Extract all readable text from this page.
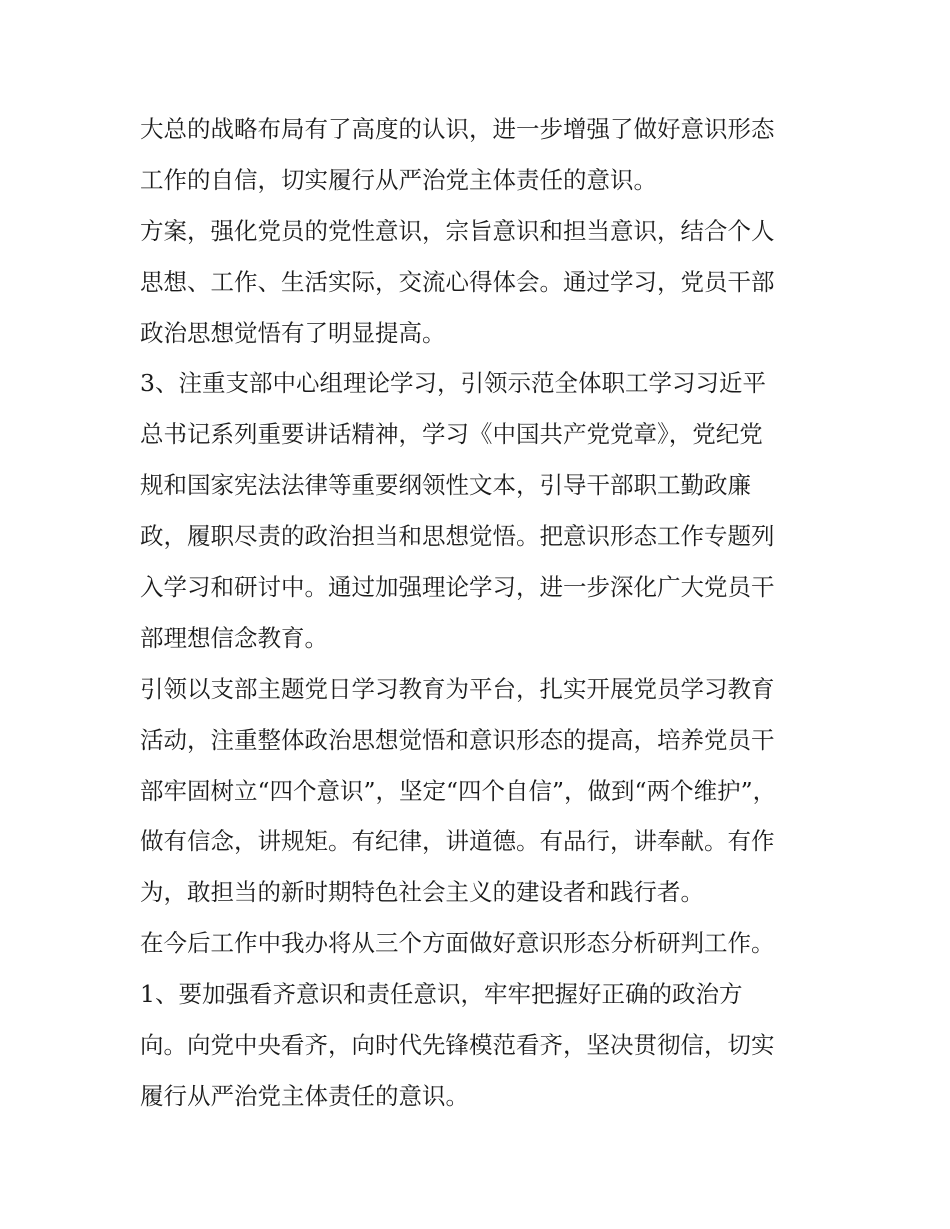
大总的战略布局有了高度的认识，进一步增强了做好意识形态
工作的自信，切实履行从严治党主体责任的意识。
方案，强化党员的党性意识，宗旨意识和担当意识，结合个人
思想、工作、生活实际，交流心得体会。通过学习，党员干部
政治思想觉悟有了明显提高。
3、注重支部中心组理论学习，引领示范全体职工学习习近平
总书记系列重要讲话精神，学习《中国共产党党章》，党纪党
规和国家宪法法律等重要纲领性文本，引导干部职工勤政廉
政，履职尽责的政治担当和思想觉悟。把意识形态工作专题列
入学习和研讨中。通过加强理论学习，进一步深化广大党员干
部理想信念教育。
引领以支部主题党日学习教育为平台，扎实开展党员学习教育
活动，注重整体政治思想觉悟和意识形态的提高，培养党员干
部牢固树立“四个意识”，坚定“四个自信”，做到“两个维护”，
做有信念，讲规矩。有纪律，讲道德。有品行，讲奉献。有作
为，敢担当的新时期特色社会主义的建设者和践行者。
在今后工作中我办将从三个方面做好意识形态分析研判工作。
1、要加强看齐意识和责任意识，牢牢把握好正确的政治方
向。向党中央看齐，向时代先锋模范看齐，坚决贯彻信，切实
履行从严治党主体责任的意识。
